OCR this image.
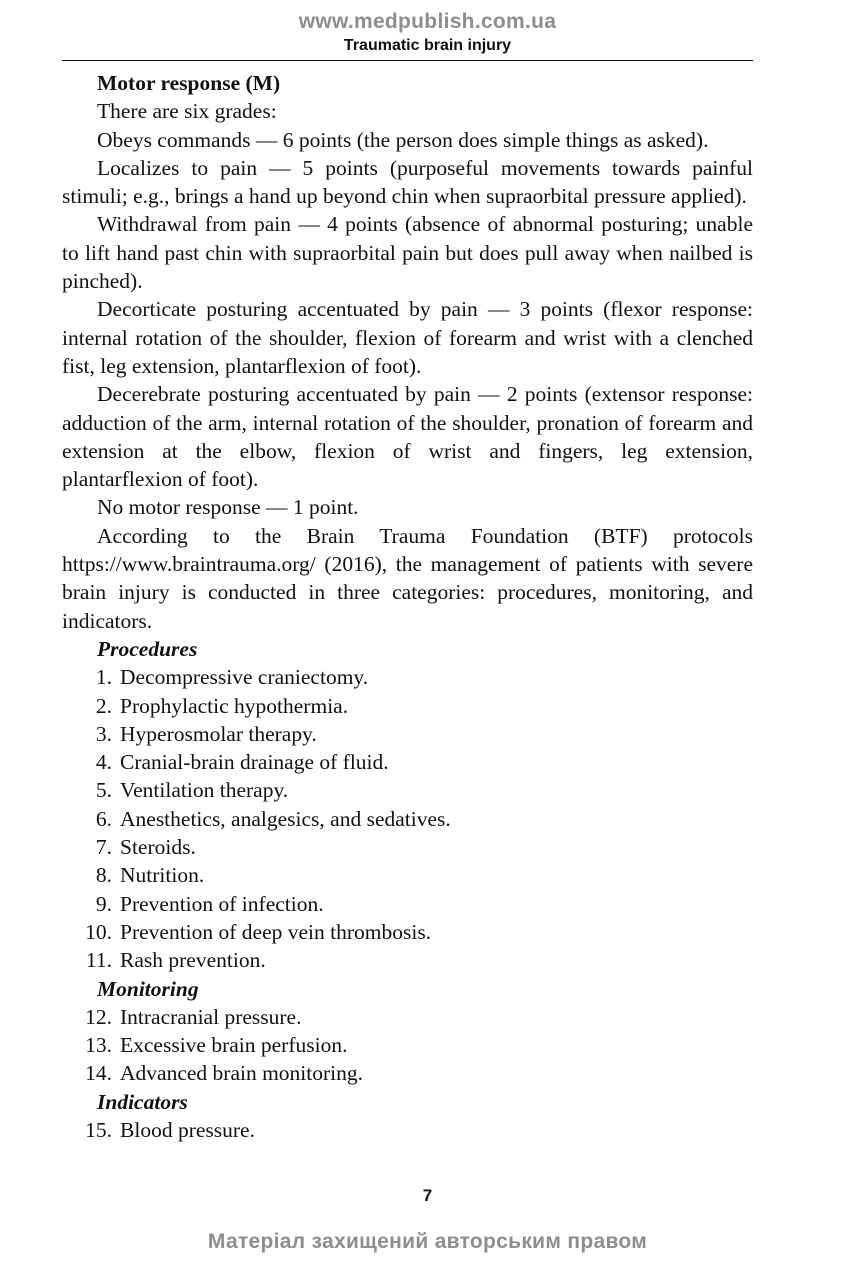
www.medpublish.com.ua
Traumatic brain injury

Motor response (M)

There are six grades:

Obeys commands — 6 points (the person does simple things as asked).

Localizes to pain — 5 points (purposeful movements towards painful stimuli; e.g., brings a hand up beyond chin when supraorbital pressure applied).

Withdrawal from pain — 4 points (absence of abnormal posturing; unable to lift hand past chin with supraorbital pain but does pull away when nailbed is pinched).

Decorticate posturing accentuated by pain — 3 points (flexor response: internal rotation of the shoulder, flexion of forearm and wrist with a clenched fist, leg extension, plantarflexion of foot).

Decerebrate posturing accentuated by pain — 2 points (extensor response: adduction of the arm, internal rotation of the shoulder, pronation of forearm and extension at the elbow, flexion of wrist and fingers, leg extension, plantarflexion of foot).

No motor response — 1 point.

According to the Brain Trauma Foundation (BTF) protocols https://www.braintrauma.org/ (2016), the management of patients with severe brain injury is conducted in three categories: procedures, monitoring, and indicators.

Procedures

1. Decompressive craniectomy.
2. Prophylactic hypothermia.
3. Hyperosmolar therapy.
4. Cranial-brain drainage of fluid.
5. Ventilation therapy.
6. Anesthetics, analgesics, and sedatives.
7. Steroids.
8. Nutrition.
9. Prevention of infection.
10. Prevention of deep vein thrombosis.
11. Rash prevention.

Monitoring

12. Intracranial pressure.
13. Excessive brain perfusion.
14. Advanced brain monitoring.

Indicators

15. Blood pressure.
7
Матеріал захищений авторським правом
